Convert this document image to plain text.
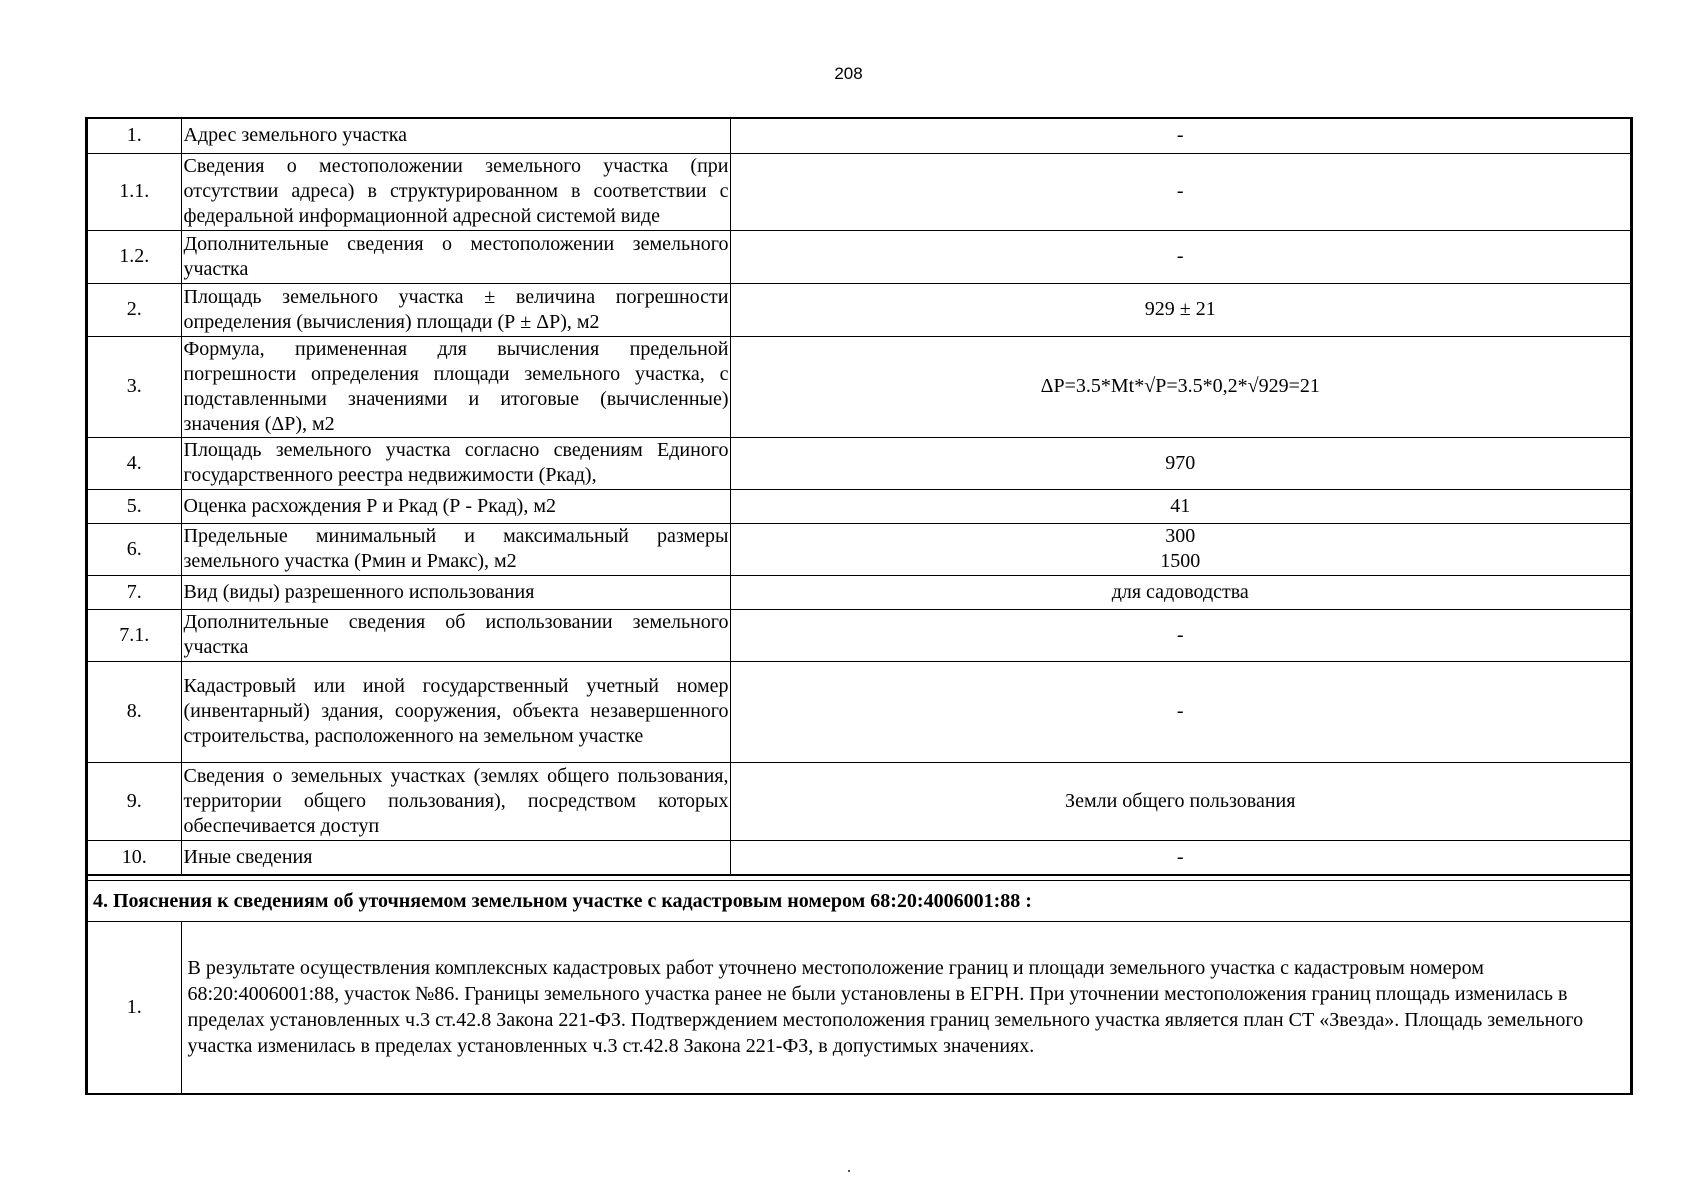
208
1.	Адрес земельного участка	-
1.1.	Сведения о местоположении земельного участка (при отсутствии адреса) в структурированном в соответствии с федеральной информационной адресной системой виде	-
1.2.	Дополнительные сведения о местоположении земельного участка	-
2.	Площадь земельного участка ± величина погрешности определения (вычисления) площади (Р ± ΔР), м2	929 ± 21
3.	Формула, примененная для вычисления предельной погрешности определения площади земельного участка, с подставленными значениями и итоговые (вычисленные) значения (ΔР), м2	ΔР=3.5*Mt*√Р=3.5*0,2*√929=21
4.	Площадь земельного участка согласно сведениям Единого государственного реестра недвижимости (Ркад),	970
5.	Оценка расхождения Р и Ркад (Р - Ркад), м2	41
6.	Предельные минимальный и максимальный размеры земельного участка (Рмин и Рмакс), м2	300
1500

7.	Вид (виды) разрешенного использования	для садоводства
7.1.	Дополнительные сведения об использовании земельного участка	-
8.	Кадастровый или иной государственный учетный номер (инвентарный) здания, сооружения, объекта незавершенного строительства, расположенного на земельном участке	-
9.	Сведения о земельных участках (землях общего пользования, территории общего пользования), посредством которых обеспечивается доступ	Земли общего пользования
10.	Иные сведения	-
4. Пояснения к сведениям об уточняемом земельном участке с кадастровым номером 68:20:4006001:88 :
1.	В результате осуществления комплексных кадастровых работ уточнено местоположение границ и площади земельного участка с кадастровым номером 68:20:4006001:88, участок №86. Границы земельного участка ранее не были установлены в ЕГРН. При уточнении местоположения границ площадь изменилась в пределах установленных ч.3 ст.42.8 Закона 221-ФЗ. Подтверждением местоположения границ земельного участка является план СТ «Звезда». Площадь земельного участка изменилась в пределах установленных ч.3 ст.42.8 Закона 221-ФЗ, в допустимых значениях.
